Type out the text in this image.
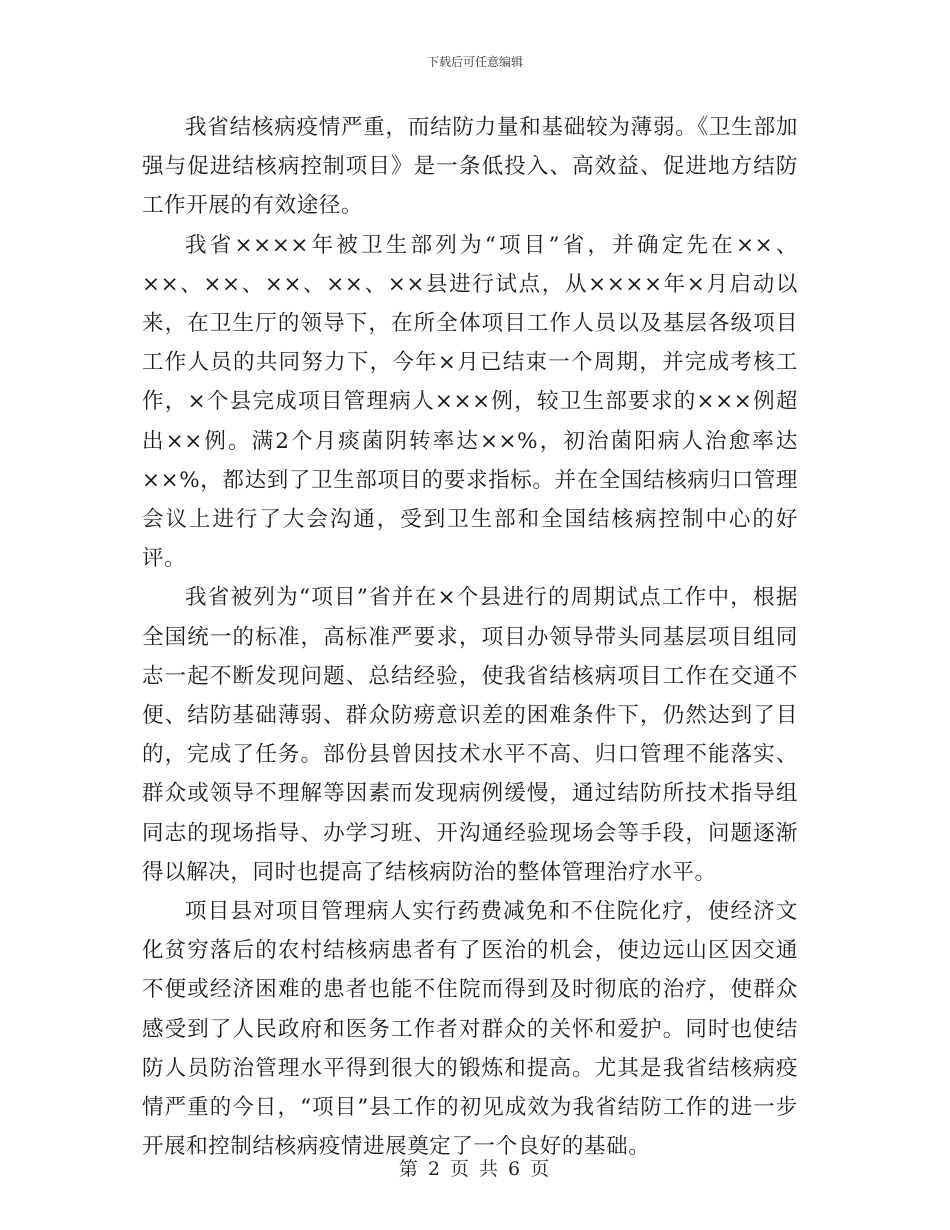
下载后可任意编辑

我省结核病疫情严重，而结防力量和基础较为薄弱。《卫生部加强与促进结核病控制项目》是一条低投入、高效益、促进地方结防工作开展的有效途径。

我省××××年被卫生部列为“项目”省，并确定先在××、××、××、××、××、××县进行试点，从××××年×月启动以来，在卫生厅的领导下，在所全体项目工作人员以及基层各级项目工作人员的共同努力下，今年×月已结束一个周期，并完成考核工作，×个县完成项目管理病人×××例，较卫生部要求的×××例超出××例。满2个月痰菌阴转率达××%，初治菌阳病人治愈率达××%，都达到了卫生部项目的要求指标。并在全国结核病归口管理会议上进行了大会沟通，受到卫生部和全国结核病控制中心的好评。

我省被列为“项目”省并在×个县进行的周期试点工作中，根据全国统一的标准，高标准严要求，项目办领导带头同基层项目组同志一起不断发现问题、总结经验，使我省结核病项目工作在交通不便、结防基础薄弱、群众防痨意识差的困难条件下，仍然达到了目的，完成了任务。部份县曾因技术水平不高、归口管理不能落实、群众或领导不理解等因素而发现病例缓慢，通过结防所技术指导组同志的现场指导、办学习班、开沟通经验现场会等手段，问题逐渐得以解决，同时也提高了结核病防治的整体管理治疗水平。

项目县对项目管理病人实行药费减免和不住院化疗，使经济文化贫穷落后的农村结核病患者有了医治的机会，使边远山区因交通不便或经济困难的患者也能不住院而得到及时彻底的治疗，使群众感受到了人民政府和医务工作者对群众的关怀和爱护。同时也使结防人员防治管理水平得到很大的锻炼和提高。尤其是我省结核病疫情严重的今日，“项目”县工作的初见成效为我省结防工作的进一步开展和控制结核病疫情进展奠定了一个良好的基础。

第 2 页 共 6 页
